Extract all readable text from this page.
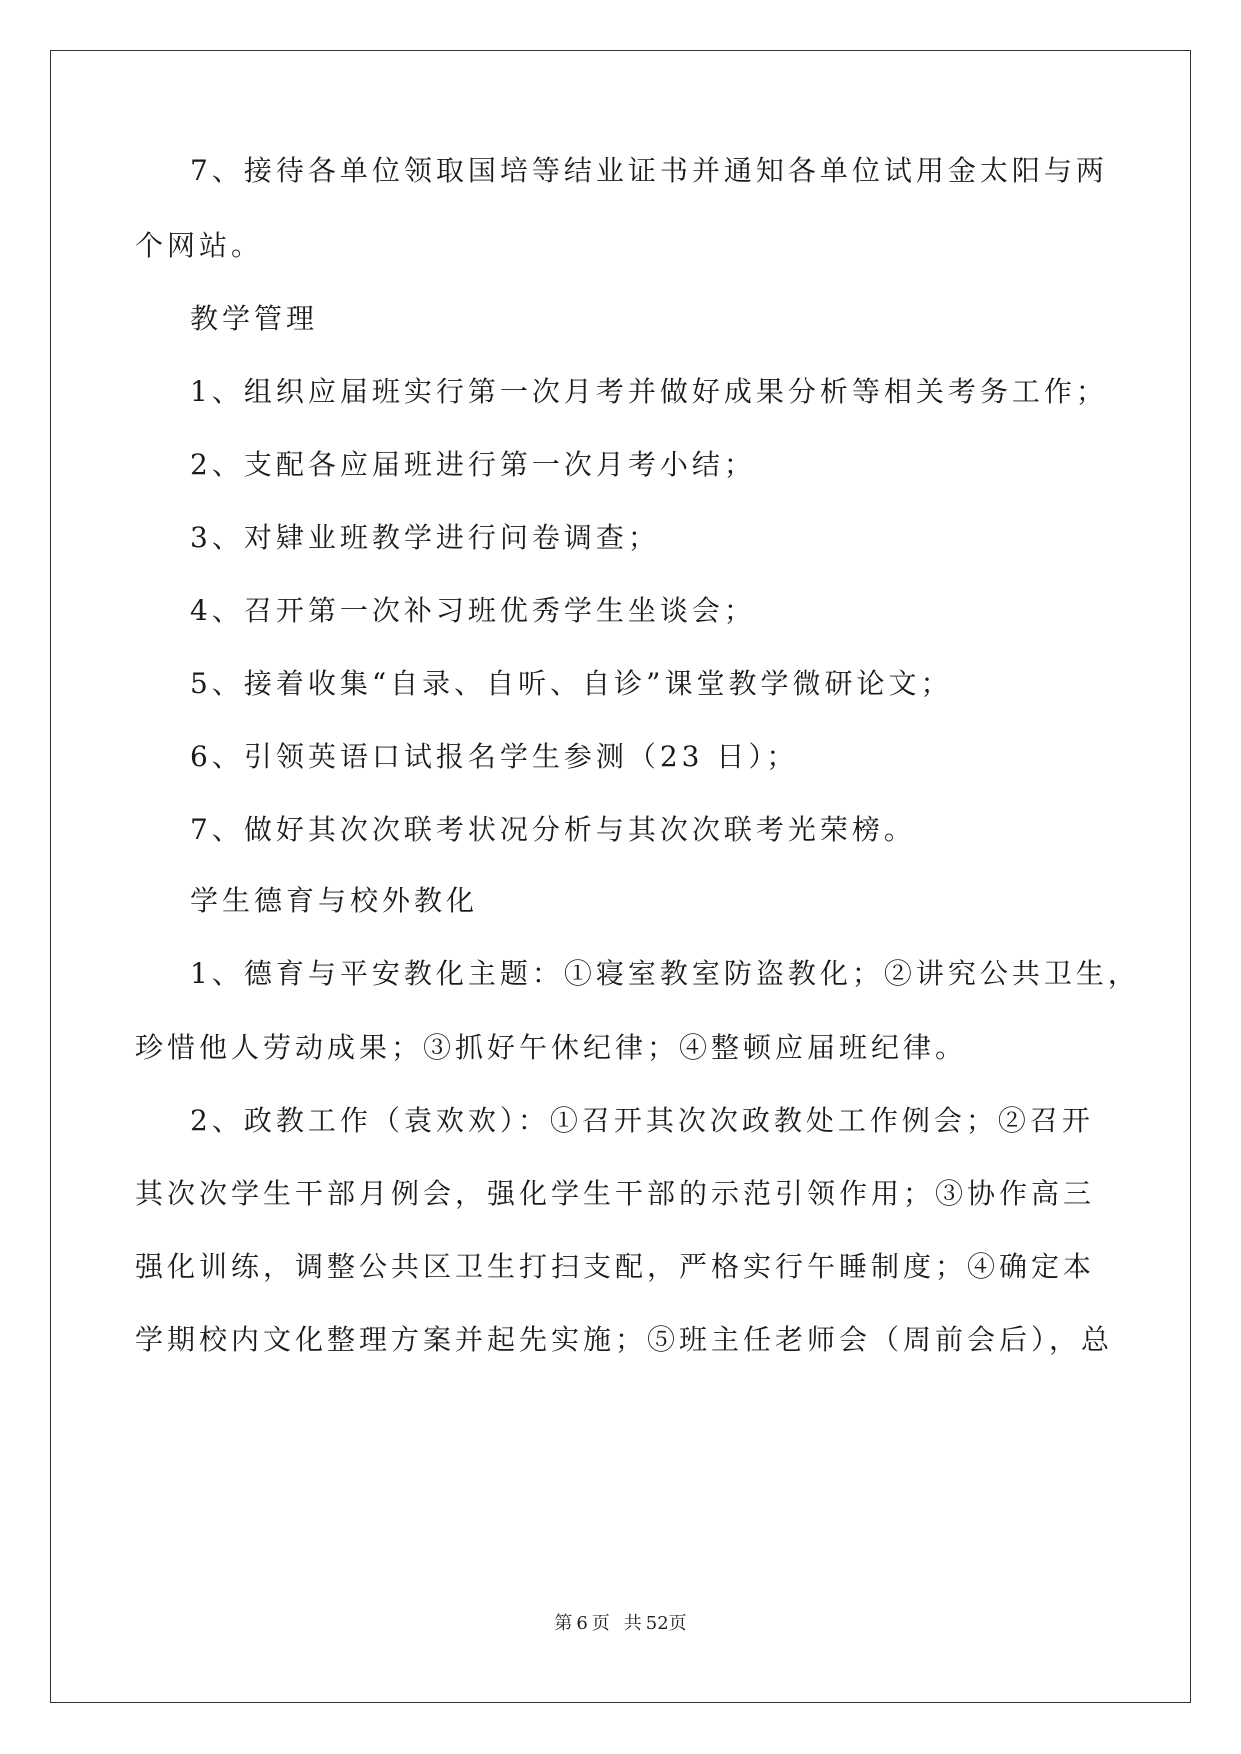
7、接待各单位领取国培等结业证书并通知各单位试用金太阳与两
个网站。
教学管理
1、组织应届班实行第一次月考并做好成果分析等相关考务工作；
2、支配各应届班进行第一次月考小结；
3、对肄业班教学进行问卷调查；
4、召开第一次补习班优秀学生坐谈会；
5、接着收集“自录、自听、自诊”课堂教学微研论文；
6、引领英语口试报名学生参测（23 日）；
7、做好其次次联考状况分析与其次次联考光荣榜。
学生德育与校外教化
1、德育与平安教化主题：①寝室教室防盗教化；②讲究公共卫生，
珍惜他人劳动成果；③抓好午休纪律；④整顿应届班纪律。
2、政教工作（袁欢欢）：①召开其次次政教处工作例会；②召开
其次次学生干部月例会，强化学生干部的示范引领作用；③协作高三
强化训练，调整公共区卫生打扫支配，严格实行午睡制度；④确定本
学期校内文化整理方案并起先实施；⑤班主任老师会（周前会后），总
第 6 页 共 52页
